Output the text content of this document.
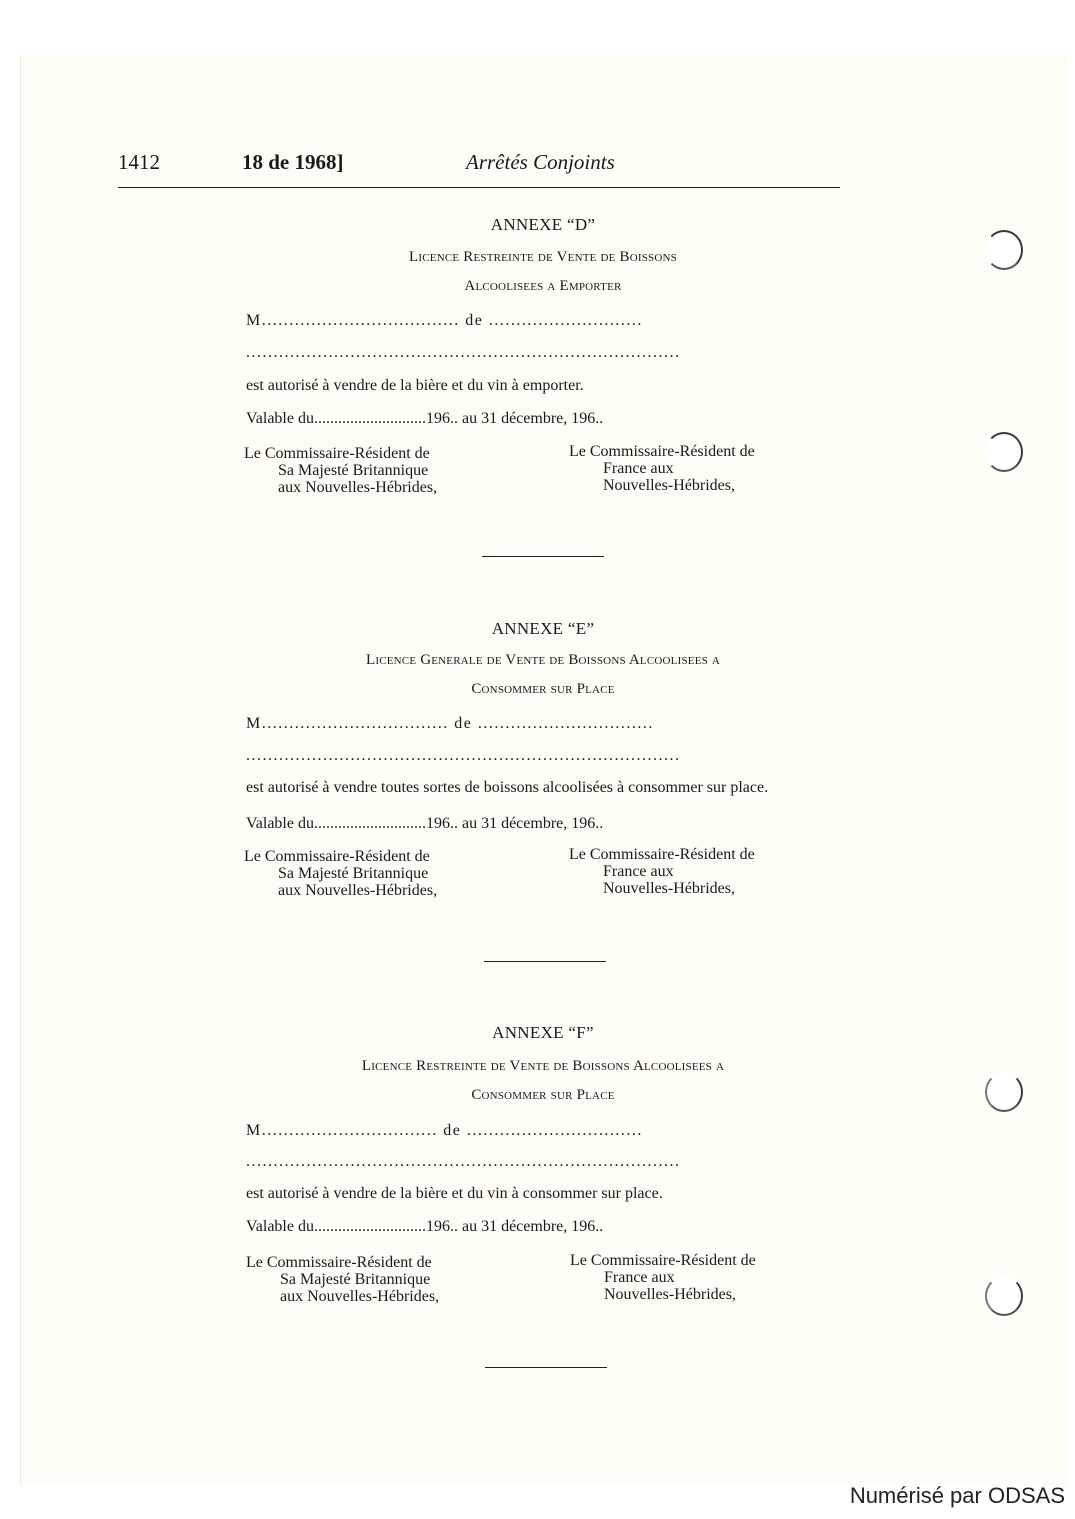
1412	18 de 1968]	Arrêtés Conjoints
ANNEXE “D”
Licence Restreinte de Vente de Boissons
Alcoolisees a Emporter
M.................................... de ............................
...............................................................................
est autorisé à vendre de la bière et du vin à emporter.
Valable du............................196.. au 31 décembre, 196..
Le Commissaire-Résident de
Sa Majesté Britannique
aux Nouvelles-Hébrides,
Le Commissaire-Résident de
France aux
Nouvelles-Hébrides,
ANNEXE “E”
Licence Generale de Vente de Boissons Alcoolisees a
Consommer sur Place
M.................................. de ................................
...............................................................................
est autorisé à vendre toutes sortes de boissons alcoolisées à consommer sur place.
Valable du............................196.. au 31 décembre, 196..
Le Commissaire-Résident de
Sa Majesté Britannique
aux Nouvelles-Hébrides,
Le Commissaire-Résident de
France aux
Nouvelles-Hébrides,
ANNEXE “F”
Licence Restreinte de Vente de Boissons Alcoolisees a
Consommer sur Place
M................................ de ................................
...............................................................................
est autorisé à vendre de la bière et du vin à consommer sur place.
Valable du............................196.. au 31 décembre, 196..
Le Commissaire-Résident de
Sa Majesté Britannique
aux Nouvelles-Hébrides,
Le Commissaire-Résident de
France aux
Nouvelles-Hébrides,
Numérisé par ODSAS
